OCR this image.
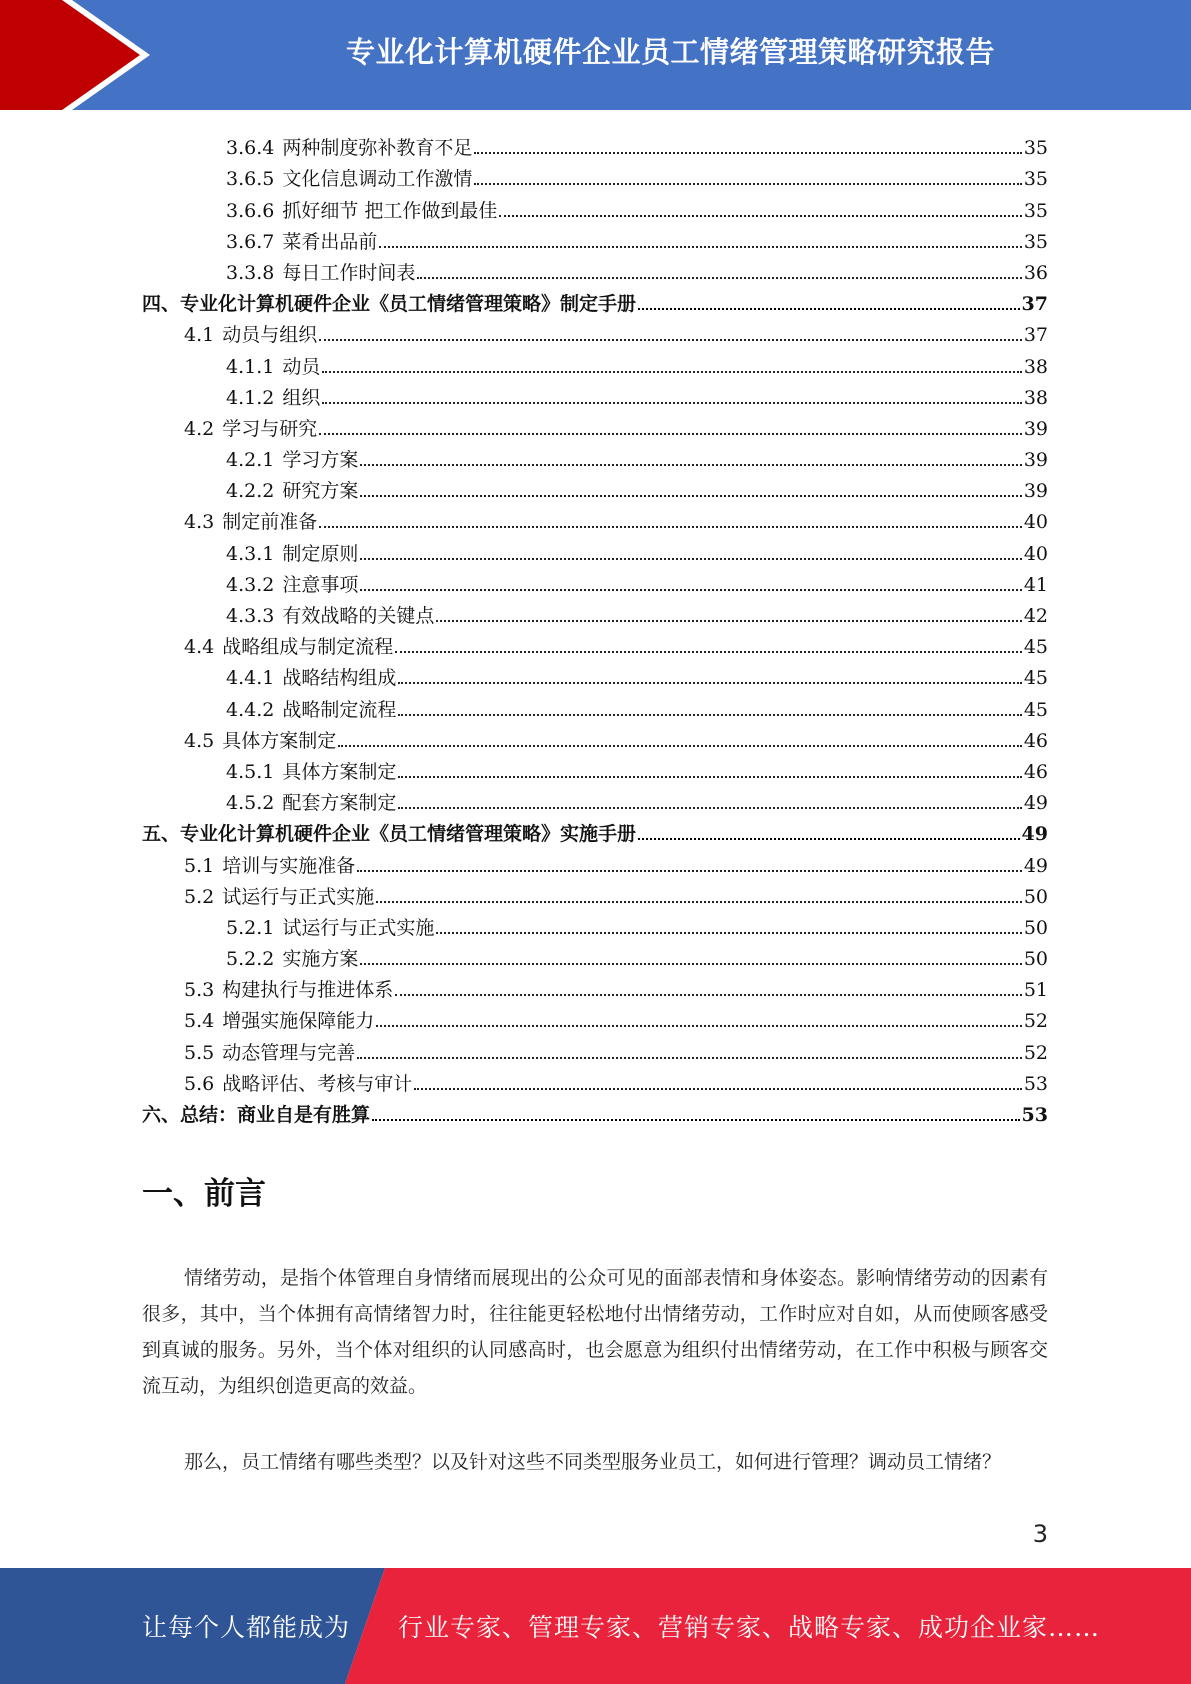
专业化计算机硬件企业员工情绪管理策略研究报告
3.6.4 两种制度弥补教育不足	35
3.6.5 文化信息调动工作激情	35
3.6.6 抓好细节 把工作做到最佳	35
3.6.7 菜肴出品前	35
3.3.8 每日工作时间表	36
四、专业化计算机硬件企业《员工情绪管理策略》制定手册	37
4.1 动员与组织	37
4.1.1 动员	38
4.1.2 组织	38
4.2 学习与研究	39
4.2.1 学习方案	39
4.2.2 研究方案	39
4.3 制定前准备	40
4.3.1 制定原则	40
4.3.2 注意事项	41
4.3.3 有效战略的关键点	42
4.4 战略组成与制定流程	45
4.4.1 战略结构组成	45
4.4.2 战略制定流程	45
4.5 具体方案制定	46
4.5.1 具体方案制定	46
4.5.2 配套方案制定	49
五、专业化计算机硬件企业《员工情绪管理策略》实施手册	49
5.1 培训与实施准备	49
5.2 试运行与正式实施	50
5.2.1 试运行与正式实施	50
5.2.2 实施方案	50
5.3 构建执行与推进体系	51
5.4 增强实施保障能力	52
5.5 动态管理与完善	52
5.6 战略评估、考核与审计	53
六、总结：商业自是有胜算	53
一、前言
情绪劳动，是指个体管理自身情绪而展现出的公众可见的面部表情和身体姿态。影响情绪劳动的因素有很多，其中，当个体拥有高情绪智力时，往往能更轻松地付出情绪劳动，工作时应对自如，从而使顾客感受到真诚的服务。另外，当个体对组织的认同感高时，也会愿意为组织付出情绪劳动，在工作中积极与顾客交流互动，为组织创造更高的效益。
那么，员工情绪有哪些类型？以及针对这些不同类型服务业员工，如何进行管理？调动员工情绪？
3
让每个人都能成为 行业专家、管理专家、营销专家、战略专家、成功企业家……
